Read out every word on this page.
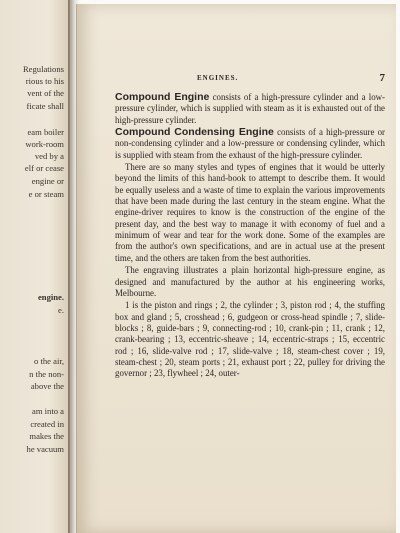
Regulations
rious to his
vent of the
ficate shall
eam boiler
work-room
ved by a
elf or cease
engine or
e or steam
engine.
e.
o the air,
n the non-
above the
am into a
created in
makes the
he vacuum
ENGINES.	7

Compound Engine consists of a high-pressure cylinder and a low-pressure cylinder, which is supplied with steam as it is exhausted out of the high-pressure cylinder.

Compound Condensing Engine consists of a high-pressure or non-condensing cylinder and a low-pressure or condensing cylinder, which is supplied with steam from the exhaust of the high-pressure cylinder.

There are so many styles and types of engines that it would be utterly beyond the limits of this hand-book to attempt to describe them. It would be equally useless and a waste of time to explain the various improvements that have been made during the last century in the steam engine. What the engine-driver requires to know is the construction of the engine of the present day, and the best way to manage it with economy of fuel and a minimum of wear and tear for the work done. Some of the examples are from the author's own specifications, and are in actual use at the present time, and the others are taken from the best authorities.

The engraving illustrates a plain horizontal high-pressure engine, as designed and manufactured by the author at his engineering works, Melbourne.

1 is the piston and rings ; 2, the cylinder ; 3, piston rod ; 4, the stuffing box and gland ; 5, crosshead ; 6, gudgeon or cross-head spindle ; 7, slide-blocks ; 8, guide-bars ; 9, connecting-rod ; 10, crank-pin ; 11, crank ; 12, crank-bearing ; 13, eccentric-sheave ; 14, eccentric-straps ; 15, eccentric rod ; 16, slide-valve rod ; 17, slide-valve ; 18, steam-chest cover ; 19, steam-chest ; 20, steam ports ; 21, exhaust port ; 22, pulley for driving the governor ; 23, flywheel ; 24, outer-
